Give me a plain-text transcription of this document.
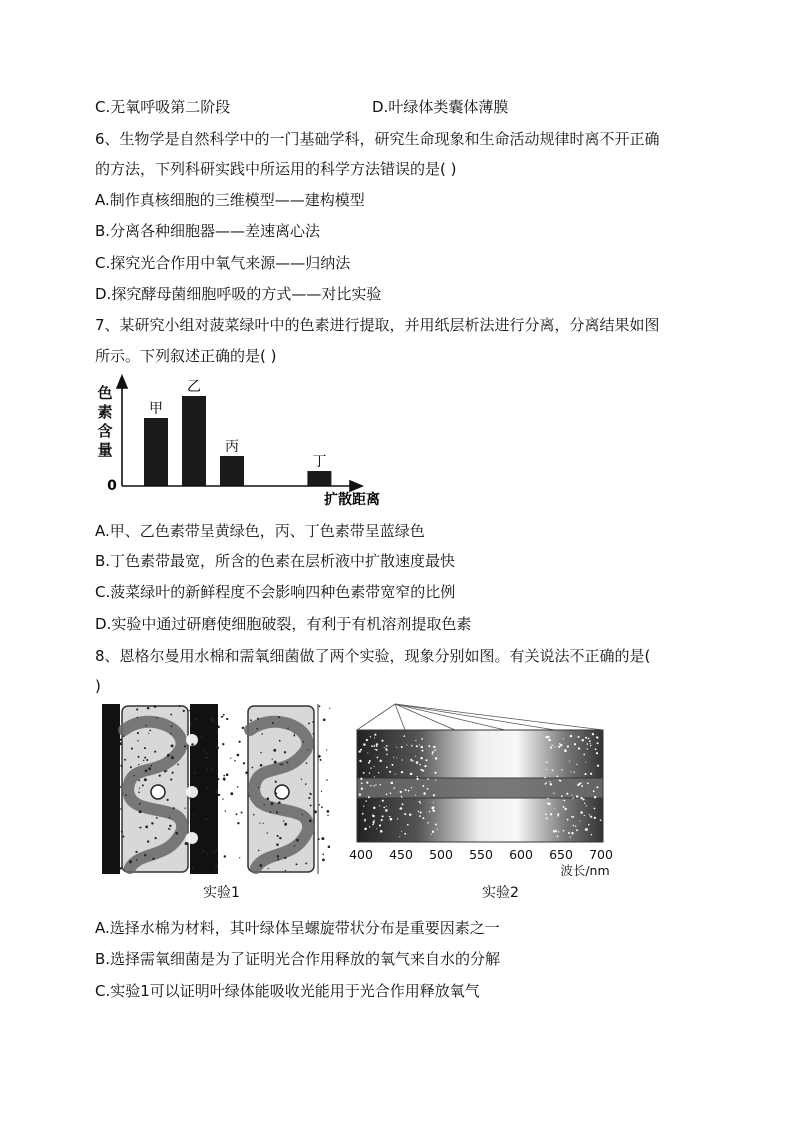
C.无氧呼吸第二阶段	D.叶绿体类囊体薄膜
6、生物学是自然科学中的一门基础学科，研究生命现象和生命活动规律时离不开正确
的方法，下列科研实践中所运用的科学方法错误的是( )
A.制作真核细胞的三维模型——建构模型
B.分离各种细胞器——差速离心法
C.探究光合作用中氧气来源——归纳法
D.探究酵母菌细胞呼吸的方式——对比实验
7、某研究小组对菠菜绿叶中的色素进行提取，并用纸层析法进行分离，分离结果如图
所示。下列叙述正确的是( )
色
素
含
量
甲
乙
丙
丁
0
扩散距离
A.甲、乙色素带呈黄绿色，丙、丁色素带呈蓝绿色
B.丁色素带最宽，所含的色素在层析液中扩散速度最快
C.菠菜绿叶的新鲜程度不会影响四种色素带宽窄的比例
D.实验中通过研磨使细胞破裂，有利于有机溶剂提取色素
8、恩格尔曼用水棉和需氧细菌做了两个实验，现象分别如图。有关说法不正确的是(
)
实验1
400 450 500 550 600 650 700
波长/nm
实验2
A.选择水棉为材料，其叶绿体呈螺旋带状分布是重要因素之一
B.选择需氧细菌是为了证明光合作用释放的氧气来自水的分解
C.实验1可以证明叶绿体能吸收光能用于光合作用释放氧气
